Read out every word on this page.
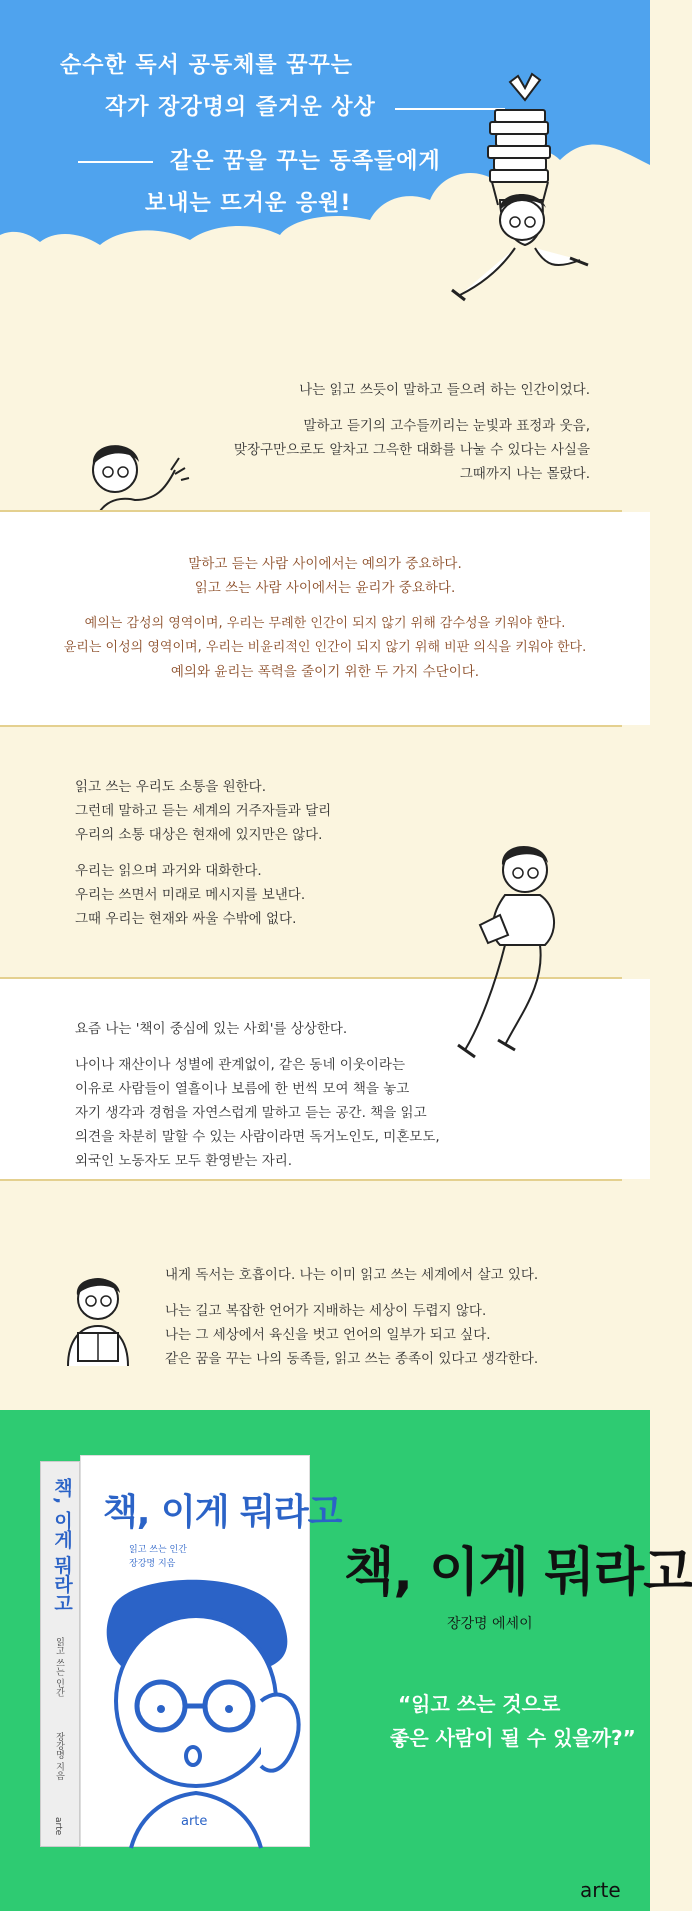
순수한 독서 공동체를 꿈꾸는
작가 장강명의 즐거운 상상
같은 꿈을 꾸는 동족들에게
보내는 뜨거운 응원!

나는 읽고 쓰듯이 말하고 들으려 하는 인간이었다.

말하고 듣기의 고수들끼리는 눈빛과 표정과 웃음,

맞장구만으로도 알차고 그윽한 대화를 나눌 수 있다는 사실을

그때까지 나는 몰랐다.

말하고 듣는 사람 사이에서는 예의가 중요하다.

읽고 쓰는 사람 사이에서는 윤리가 중요하다.

예의는 감성의 영역이며, 우리는 무례한 인간이 되지 않기 위해 감수성을 키워야 한다.

윤리는 이성의 영역이며, 우리는 비윤리적인 인간이 되지 않기 위해 비판 의식을 키워야 한다.

예의와 윤리는 폭력을 줄이기 위한 두 가지 수단이다.

읽고 쓰는 우리도 소통을 원한다.

그런데 말하고 듣는 세계의 거주자들과 달리

우리의 소통 대상은 현재에 있지만은 않다.

우리는 읽으며 과거와 대화한다.

우리는 쓰면서 미래로 메시지를 보낸다.

그때 우리는 현재와 싸울 수밖에 없다.

요즘 나는 '책이 중심에 있는 사회'를 상상한다.

나이나 재산이나 성별에 관계없이, 같은 동네 이웃이라는

이유로 사람들이 열흘이나 보름에 한 번씩 모여 책을 놓고

자기 생각과 경험을 자연스럽게 말하고 듣는 공간. 책을 읽고

의견을 차분히 말할 수 있는 사람이라면 독거노인도, 미혼모도,

외국인 노동자도 모두 환영받는 자리.

내게 독서는 호흡이다. 나는 이미 읽고 쓰는 세계에서 살고 있다.

나는 길고 복잡한 언어가 지배하는 세상이 두렵지 않다.

나는 그 세상에서 육신을 벗고 언어의 일부가 되고 싶다.

같은 꿈을 꾸는 나의 동족들, 읽고 쓰는 종족이 있다고 생각한다.

책, 이게 뭐라고
읽고 쓰는 인간
장강명 지음
arte
책, 이게 뭐라고
읽고 쓰는 인간
장강명 지음
arte
책, 이게 뭐라고
장강명 에세이
“읽고 쓰는 것으로
좋은 사람이 될 수 있을까?”
arte
